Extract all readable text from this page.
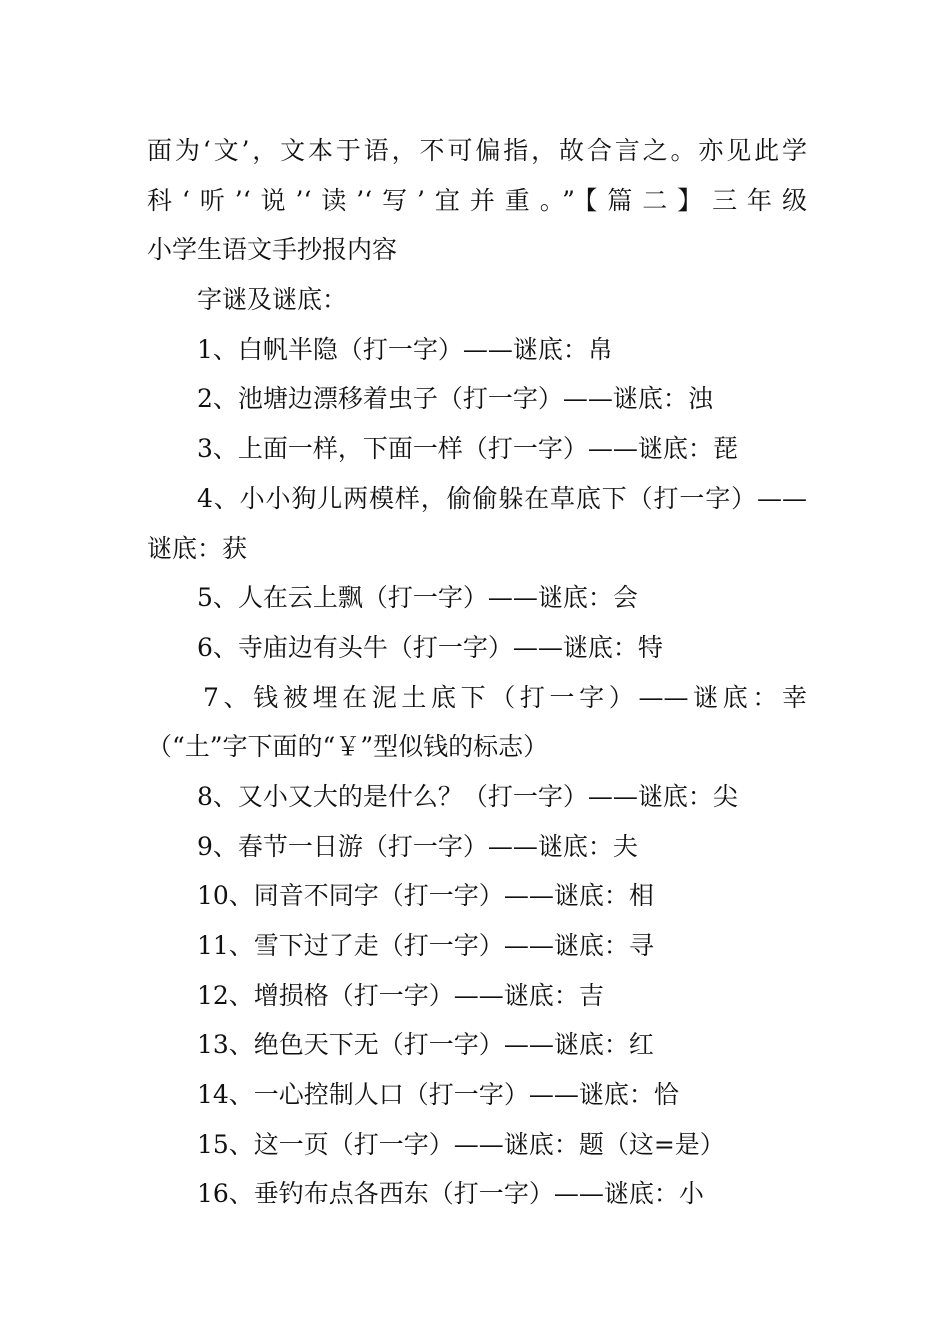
面为‘文’，文本于语，不可偏指，故合言之。亦见此学
科‘听’‘说’‘读’‘写’宜并重。”【篇二】三年级
小学生语文手抄报内容
字谜及谜底：
1、白帆半隐（打一字）——谜底：帛
2、池塘边漂移着虫子（打一字）——谜底：浊
3、上面一样，下面一样（打一字）——谜底：琵
4、小小狗儿两模样，偷偷躲在草底下（打一字）——
谜底：获
5、人在云上飘（打一字）——谜底：会
6、寺庙边有头牛（打一字）——谜底：特
7、钱被埋在泥土底下（打一字）——谜底：幸
（“土”字下面的“￥”型似钱的标志）
8、又小又大的是什么？（打一字）——谜底：尖
9、春节一日游（打一字）——谜底：夫
10、同音不同字（打一字）——谜底：相
11、雪下过了走（打一字）——谜底：寻
12、增损格（打一字）——谜底：吉
13、绝色天下无（打一字）——谜底：红
14、一心控制人口（打一字）——谜底：恰
15、这一页（打一字）——谜底：题（这=是）
16、垂钓布点各西东（打一字）——谜底：小
